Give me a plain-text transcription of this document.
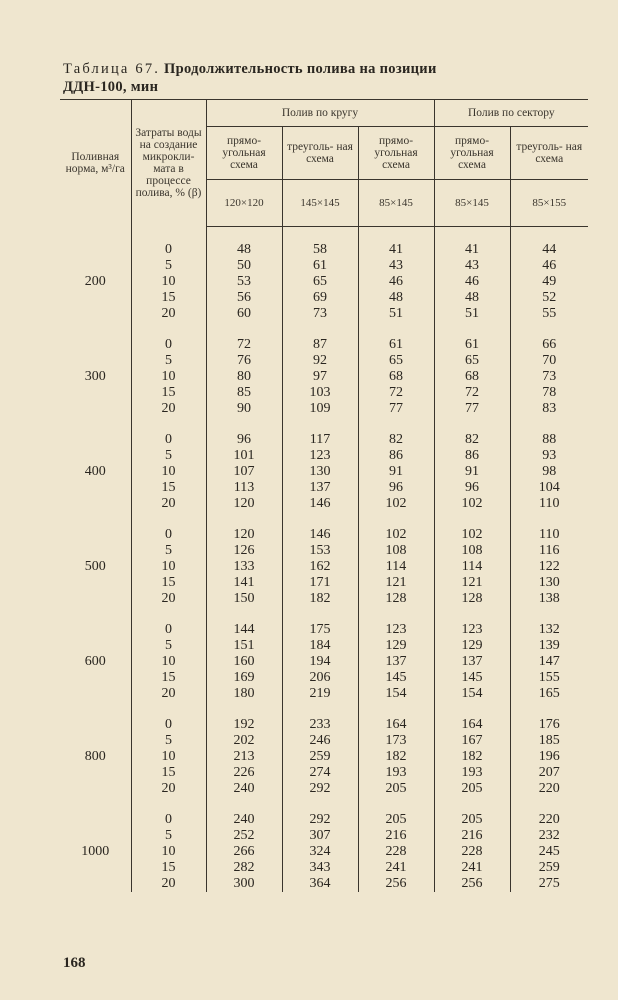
Таблица 67. Продолжительность полива на позиции
ДДН-100, мин
Поливная норма, м³/га	Затраты воды на создание микрокли- мата в процессе полива, % (β)	Полив по кругу			Полив по сектору	
		прямо- угольная схема	треуголь- ная схема	прямо- угольная схема	прямо- угольная схема	треуголь- ная схема
		120×120	145×145	85×145	85×145	85×155

	0	48	58	41	41	44
	5	50	61	43	43	46
200	10	53	65	46	46	49
	15	56	69	48	48	52
	20	60	73	51	51	55

	0	72	87	61	61	66
	5	76	92	65	65	70
300	10	80	97	68	68	73
	15	85	103	72	72	78
	20	90	109	77	77	83

	0	96	117	82	82	88
	5	101	123	86	86	93
400	10	107	130	91	91	98
	15	113	137	96	96	104
	20	120	146	102	102	110

	0	120	146	102	102	110
	5	126	153	108	108	116
500	10	133	162	114	114	122
	15	141	171	121	121	130
	20	150	182	128	128	138

	0	144	175	123	123	132
	5	151	184	129	129	139
600	10	160	194	137	137	147
	15	169	206	145	145	155
	20	180	219	154	154	165

	0	192	233	164	164	176
	5	202	246	173	167	185
800	10	213	259	182	182	196
	15	226	274	193	193	207
	20	240	292	205	205	220

	0	240	292	205	205	220
	5	252	307	216	216	232
1000	10	266	324	228	228	245
	15	282	343	241	241	259
	20	300	364	256	256	275
168
